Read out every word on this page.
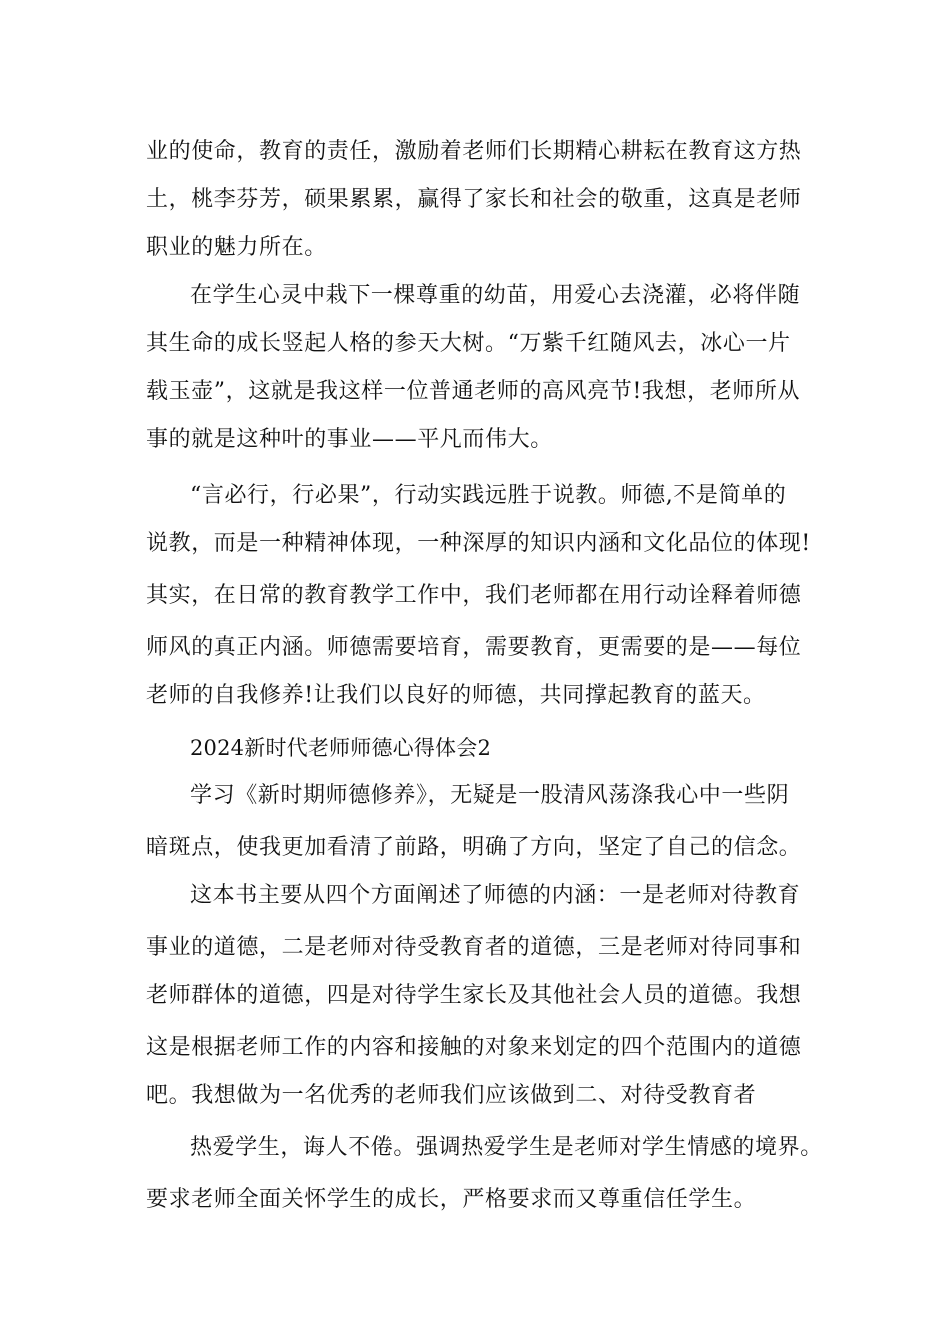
业的使命，教育的责任，激励着老师们长期精心耕耘在教育这方热
土，桃李芬芳，硕果累累，赢得了家长和社会的敬重，这真是老师
职业的魅力所在。
在学生心灵中栽下一棵尊重的幼苗，用爱心去浇灌，必将伴随
其生命的成长竖起人格的参天大树。“万紫千红随风去，冰心一片
载玉壶”，这就是我这样一位普通老师的高风亮节!我想，老师所从
事的就是这种叶的事业——平凡而伟大。
“言必行，行必果”，行动实践远胜于说教。师德,不是简单的
说教，而是一种精神体现，一种深厚的知识内涵和文化品位的体现!
其实，在日常的教育教学工作中，我们老师都在用行动诠释着师德
师风的真正内涵。师德需要培育，需要教育，更需要的是——每位
老师的自我修养!让我们以良好的师德，共同撑起教育的蓝天。
2024新时代老师师德心得体会2
学习《新时期师德修养》，无疑是一股清风荡涤我心中一些阴
暗斑点，使我更加看清了前路，明确了方向，坚定了自己的信念。
这本书主要从四个方面阐述了师德的内涵：一是老师对待教育
事业的道德，二是老师对待受教育者的道德，三是老师对待同事和
老师群体的道德，四是对待学生家长及其他社会人员的道德。我想
这是根据老师工作的内容和接触的对象来划定的四个范围内的道德
吧。我想做为一名优秀的老师我们应该做到二、对待受教育者
热爱学生，诲人不倦。强调热爱学生是老师对学生情感的境界。
要求老师全面关怀学生的成长，严格要求而又尊重信任学生。
